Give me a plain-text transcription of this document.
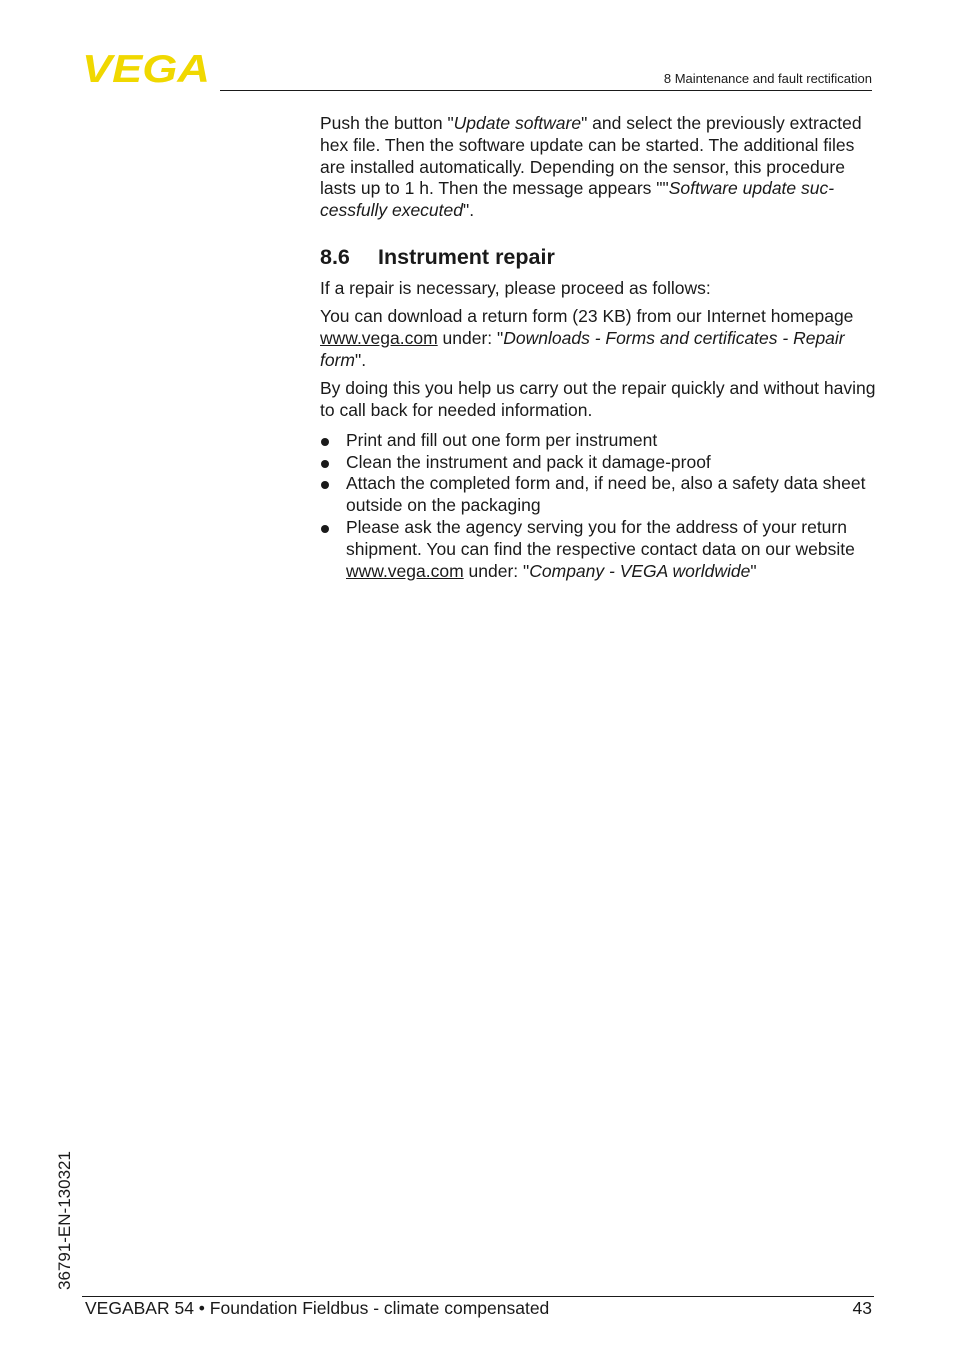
VEGA	8 Maintenance and fault rectification

Push the button "Update software" and select the previously extracted hex file. Then the software update can be started. The additional files are installed automatically. Depending on the sensor, this procedure lasts up to 1 h. Then the message appears ""Software update successfully executed".

8.6 Instrument repair

If a repair is necessary, please proceed as follows:

You can download a return form (23 KB) from our Internet homepage www.vega.com under: "Downloads - Forms and certificates - Repair form".

By doing this you help us carry out the repair quickly and without having to call back for needed information.

Print and fill out one form per instrument
Clean the instrument and pack it damage-proof
Attach the completed form and, if need be, also a safety data sheet outside on the packaging
Please ask the agency serving you for the address of your return shipment. You can find the respective contact data on our website www.vega.com under: "Company - VEGA worldwide"
36791-EN-130321
VEGABAR 54 • Foundation Fieldbus - climate compensated	43
